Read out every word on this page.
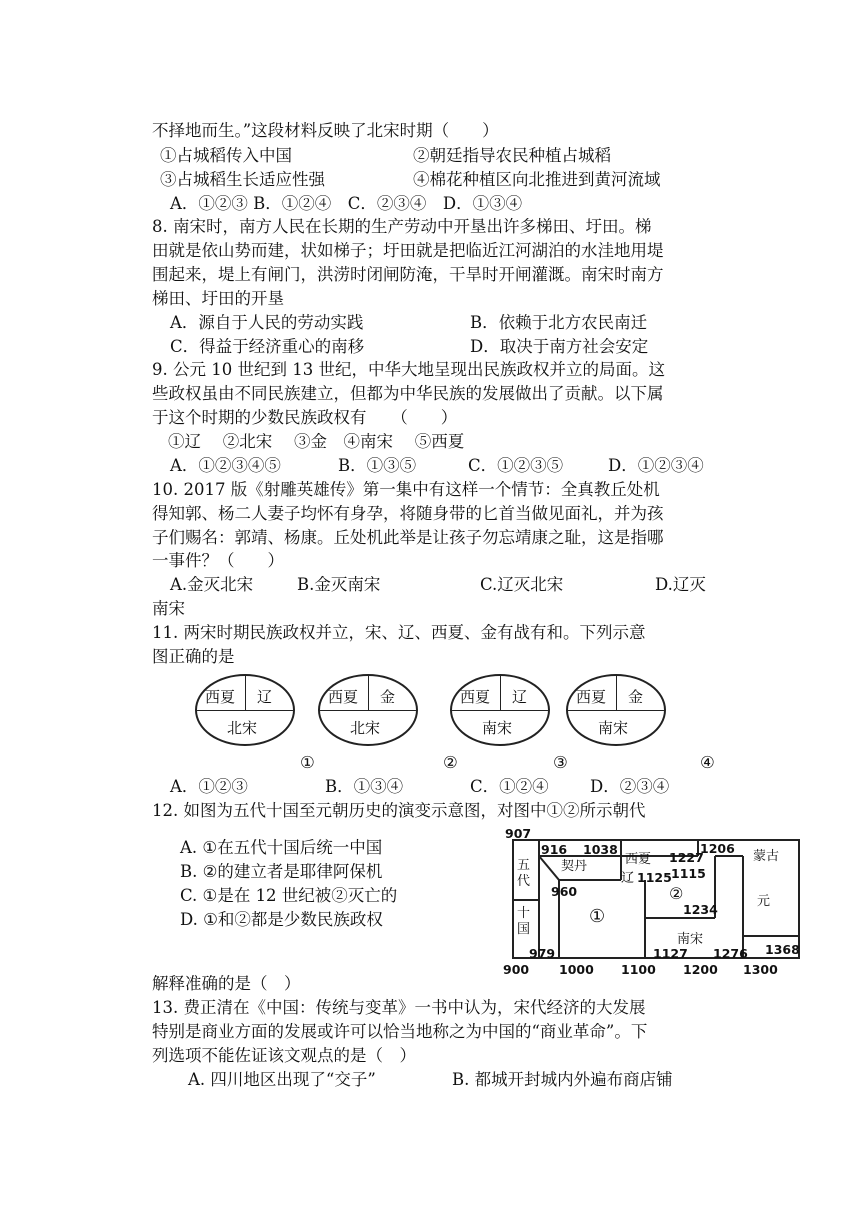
不择地而生。”这段材料反映了北宋时期（　　）
①占城稻传入中国	②朝廷指导农民种植占城稻
③占城稻生长适应性强	④棉花种植区向北推进到黄河流域
A．①②③ B．①②④　C．②③④　D．①③④
8. 南宋时，南方人民在长期的生产劳动中开垦出许多梯田、圩田。梯
田就是依山势而建，状如梯子；圩田就是把临近江河湖泊的水洼地用堤
围起来，堤上有闸门，洪涝时闭闸防淹，干旱时开闸灌溉。南宋时南方
梯田、圩田的开垦
A．源自于人民的劳动实践	B．依赖于北方农民南迁
C．得益于经济重心的南移	D．取决于南方社会安定
9. 公元 10 世纪到 13 世纪，中华大地呈现出民族政权并立的局面。这
些政权虽由不同民族建立，但都为中华民族的发展做出了贡献。以下属
于这个时期的少数民族政权有　　（　　）
①辽　 ②北宋　 ③金　④南宋　 ⑤西夏
A．①②③④⑤	B．①③⑤	C．①②③⑤	D．①②③④
10. 2017 版《射雕英雄传》第一集中有这样一个情节：全真教丘处机
得知郭、杨二人妻子均怀有身孕，将随身带的匕首当做见面礼，并为孩
子们赐名：郭靖、杨康。丘处机此举是让孩子勿忘靖康之耻，这是指哪
一事件？（　　）
A.金灭北宋	B.金灭南宋	C.辽灭北宋	D.辽灭
南宋
11. 两宋时期民族政权并立，宋、辽、西夏、金有战有和。下列示意
图正确的是
西夏 辽
北宋
西夏 金
北宋
西夏 辽
南宋
西夏 金
南宋
①	②	③	④
A．①②③	B．①③④	C．①②④	D．②③④
12. 如图为五代十国至元朝历史的演变示意图，对图中①②所示朝代
A. ①在五代十国后统一中国
B. ②的建立者是耶律阿保机
C. ①是在 12 世纪被②灭亡的
D. ①和②都是少数民族政权
907
五代
十国
916
契丹
1038
西夏 1227
1206
蒙古
辽 1125 1115
②
960
①	1234
元
南宋
979	1127 1276 1368
900 1000 1100 1200 1300
解释准确的是（　）
13. 费正清在《中国：传统与变革》一书中认为，宋代经济的大发展
特别是商业方面的发展或许可以恰当地称之为中国的“商业革命”。下
列选项不能佐证该文观点的是（　）
A. 四川地区出现了“交子”	B. 都城开封城内外遍布商店铺
